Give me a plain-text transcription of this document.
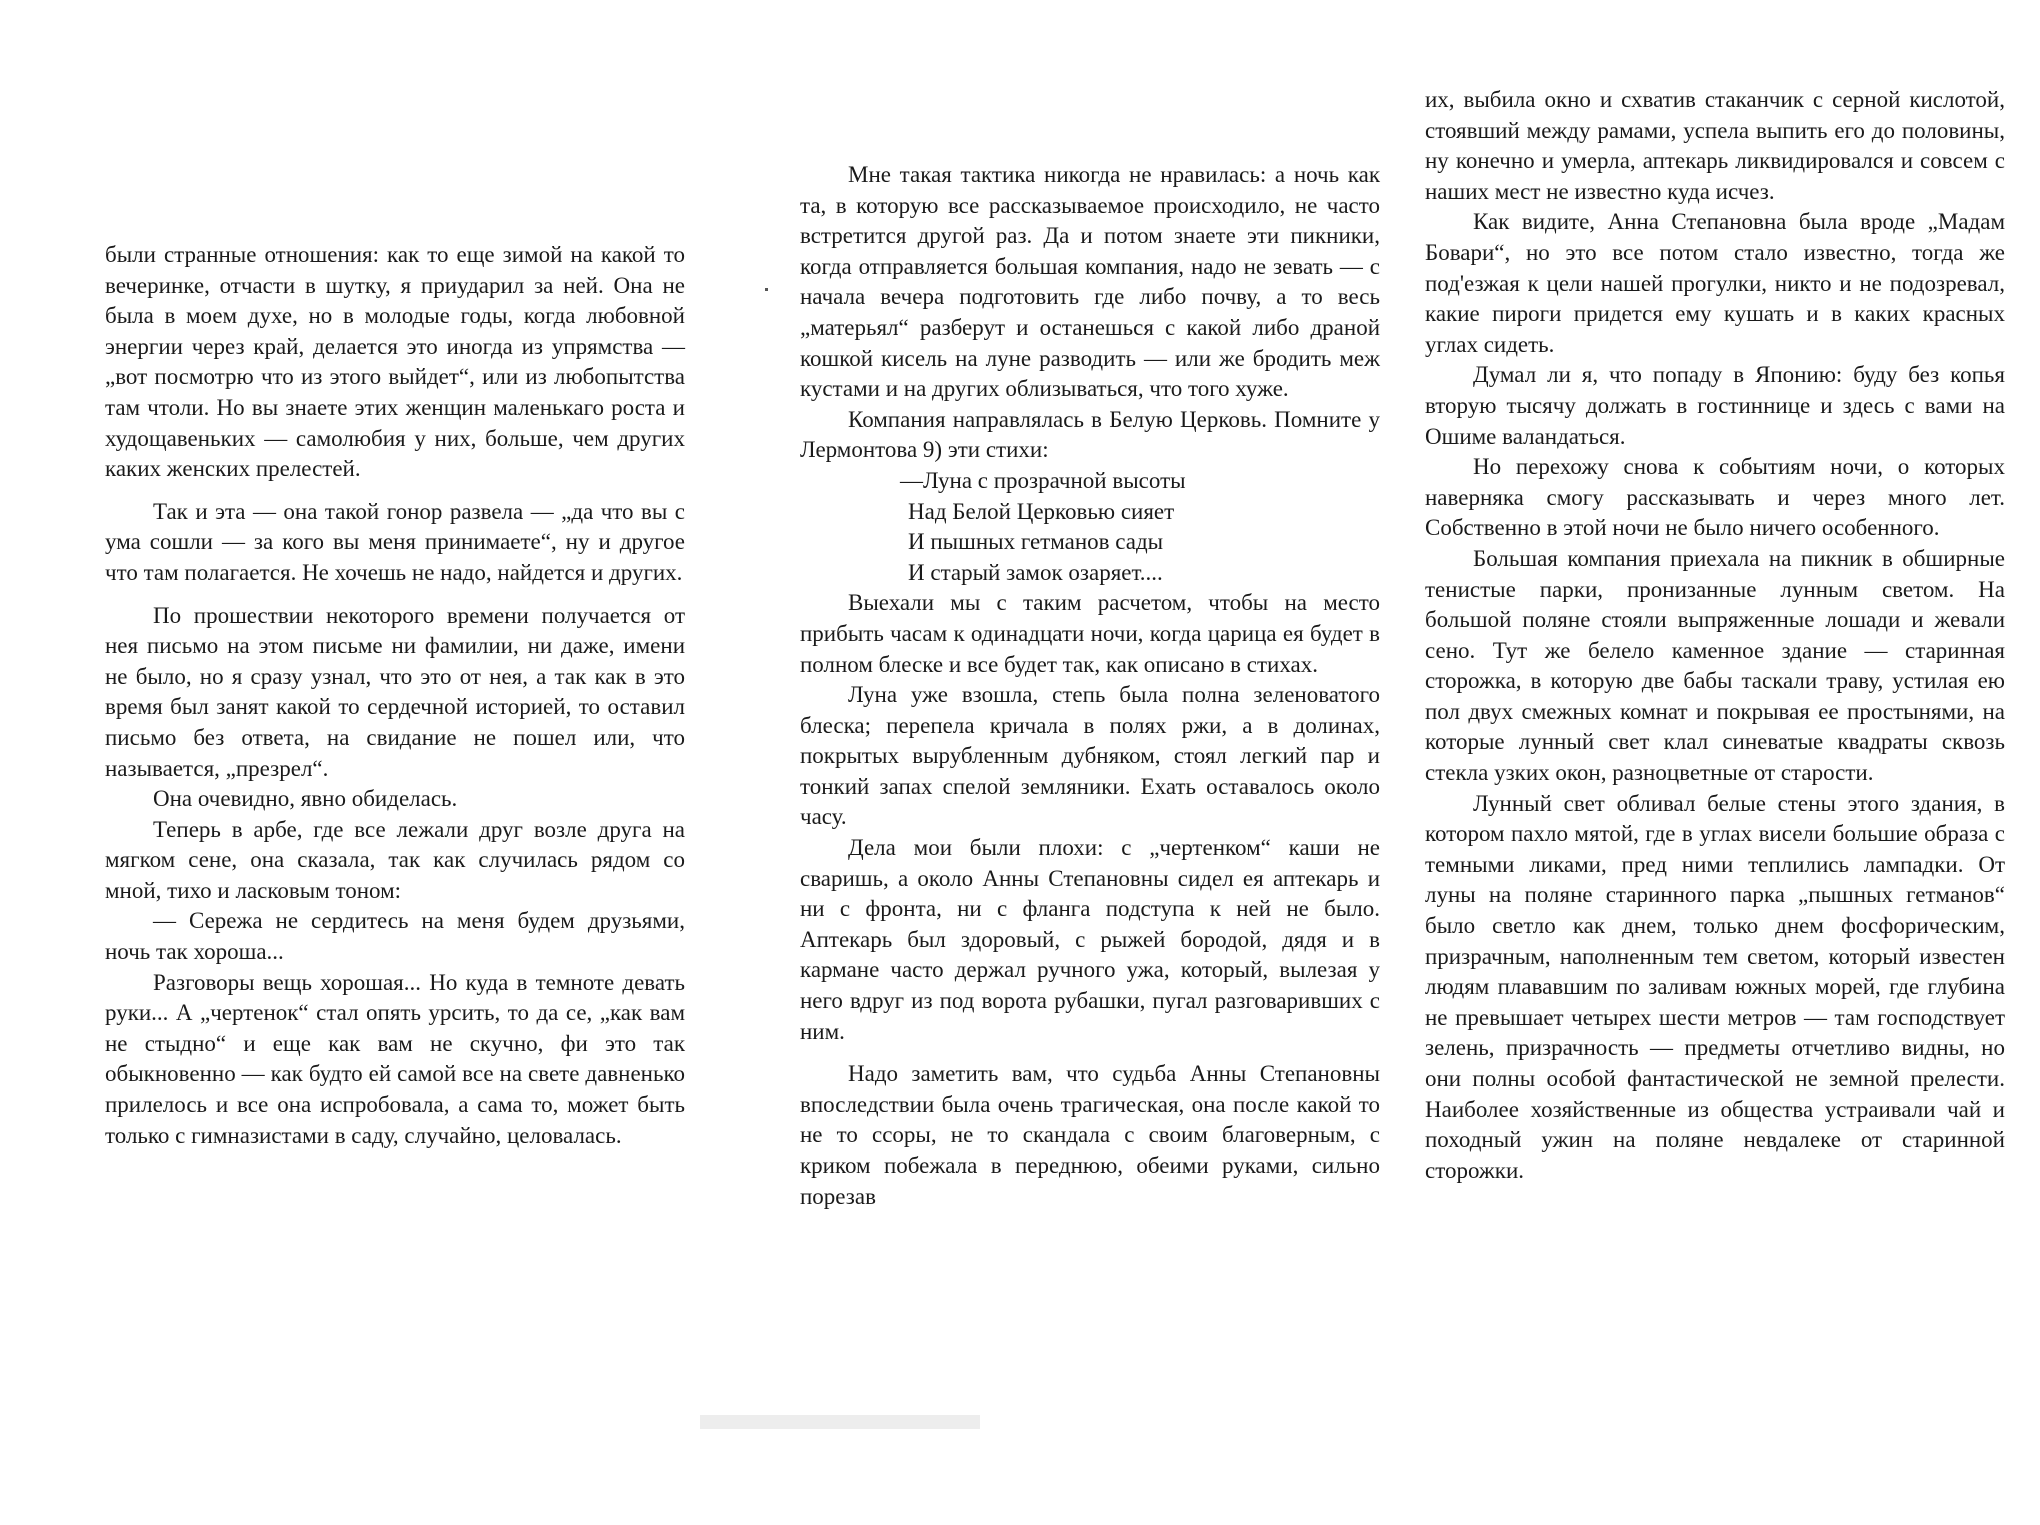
были странные отношения: как то еще зимой на какой то вечеринке, отчасти в шутку, я приударил за ней. Она не была в моем духе, но в молодые годы, когда любовной энергии через край, делается это иногда из упрямства — „вот посмотрю что из этого выйдет“, или из любопытства там чтоли. Но вы знаете этих женщин маленькаго роста и худощавеньких — самолюбия у них, больше, чем других каких женских прелестей.

Так и эта — она такой гонор развела — „да что вы с ума сошли — за кого вы меня принимаете“, ну и другое что там полагается. Не хочешь не надо, найдется и других.

По прошествии некоторого времени получается от нея письмо на этом письме ни фамилии, ни даже, имени не было, но я сразу узнал, что это от нея, а так как в это время был занят какой то сердечной историей, то оставил письмо без ответа, на свидание не пошел или, что называется, „презрел“.

Она очевидно, явно обиделась.

Теперь в арбе, где все лежали друг возле друга на мягком сене, она сказала, так как случилась рядом со мной, тихо и ласковым тоном:

— Сережа не сердитесь на меня будем друзьями, ночь так хороша...

Разговоры вещь хорошая... Но куда в темноте девать руки... А „чертенок“ стал опять урсить, то да се, „как вам не стыдно“ и еще как вам не скучно, фи это так обыкновенно — как будто ей самой все на свете давненько прилелось и все она испробовала, а сама то, может быть только с гимназистами в саду, случайно, целовалась.

Мне такая тактика никогда не нравилась: а ночь как та, в которую все рассказываемое происходило, не часто встретится другой раз. Да и потом знаете эти пикники, когда отправляется большая компания, надо не зевать — с начала вечера подготовить где либо почву, а то весь „матерьял“ разберут и останешься с какой либо драной кошкой кисель на луне разводить — или же бродить меж кустами и на других облизываться, что того хуже.

Компания направлялась в Белую Церковь. Помните у Лермонтова 9) эти стихи:

—Луна с прозрачной высоты
Над Белой Церковью сияет
И пышных гетманов сады
И старый замок озаряет....

Выехали мы с таким расчетом, чтобы на место прибыть часам к одинадцати ночи, когда царица ея будет в полном блеске и все будет так, как описано в стихах.

Луна уже взошла, степь была полна зеленоватого блеска; перепела кричала в полях ржи, а в долинах, покрытых вырубленным дубняком, стоял легкий пар и тонкий запах спелой земляники. Ехать оставалось около часу.

Дела мои были плохи: с „чертенком“ каши не сваришь, а около Анны Степановны сидел ея аптекарь и ни с фронта, ни с фланга подступа к ней не было. Аптекарь был здоровый, с рыжей бородой, дядя и в кармане часто держал ручного ужа, который, вылезая у него вдруг из под ворота рубашки, пугал разговаривших с ним.

Надо заметить вам, что судьба Анны Степановны впоследствии была очень трагическая, она после какой то не то ссоры, не то скандала с своим благоверным, с криком побежала в переднюю, обеими руками, сильно порезав

их, выбила окно и схватив стаканчик с серной кислотой, стоявший между рамами, успела выпить его до половины, ну конечно и умерла, аптекарь ликвидировался и совсем с наших мест не известно куда исчез.

Как видите, Анна Степановна была вроде „Мадам Бовари“, но это все потом стало известно, тогда же под'езжая к цели нашей прогулки, никто и не подозревал, какие пироги придется ему кушать и в каких красных углах сидеть.

Думал ли я, что попаду в Японию: буду без копья вторую тысячу должать в гостиннице и здесь с вами на Ошиме валандаться.

Но перехожу снова к событиям ночи, о которых наверняка смогу рассказывать и через много лет. Собственно в этой ночи не было ничего особенного.

Большая компания приехала на пикник в обширные тенистые парки, пронизанные лунным светом. На большой поляне стояли выпряженные лошади и жевали сено. Тут же белело каменное здание — старинная сторожка, в которую две бабы таскали траву, устилая ею пол двух смежных комнат и покрывая ее простынями, на которые лунный свет клал синеватые квадраты сквозь стекла узких окон, разноцветные от старости.

Лунный свет обливал белые стены этого здания, в котором пахло мятой, где в углах висели большие образа с темными ликами, пред ними теплились лампадки. От луны на поляне старинного парка „пышных гетманов“ было светло как днем, только днем фосфорическим, призрачным, наполненным тем светом, который известен людям плававшим по заливам южных морей, где глубина не превышает четырех шести метров — там господствует зелень, призрачность — предметы отчетливо видны, но они полны особой фантастической не земной прелести. Наиболее хозяйственные из общества устраивали чай и походный ужин на поляне невдалеке от старинной сторожки.
